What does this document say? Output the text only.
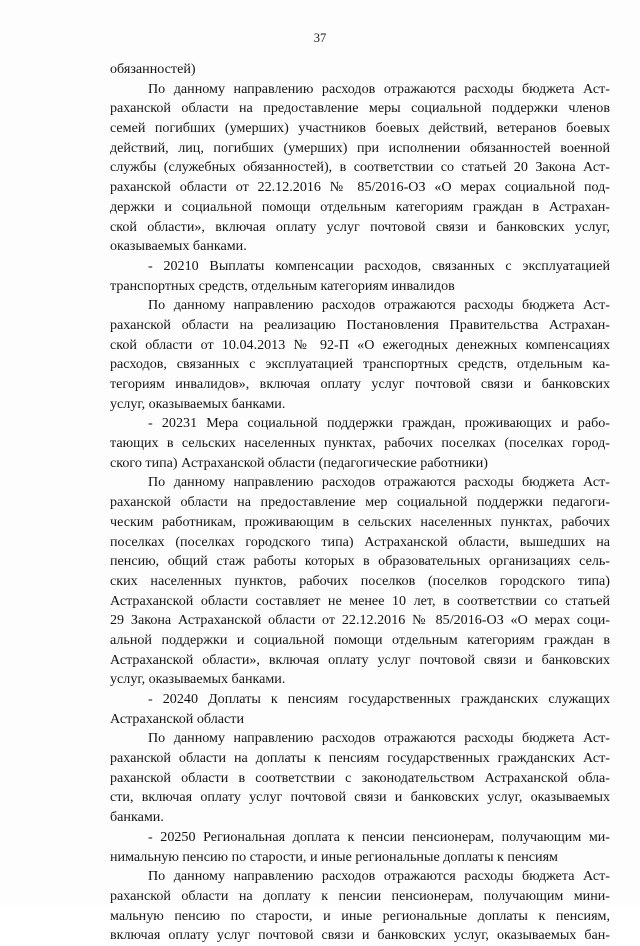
37
обязанностей)
По данному направлению расходов отражаются расходы бюджета Аст-
раханской области на предоставление меры социальной поддержки членов
семей погибших (умерших) участников боевых действий, ветеранов боевых
действий, лиц, погибших (умерших) при исполнении обязанностей военной
службы (служебных обязанностей), в соответствии со статьей 20 Закона Аст-
раханской области от 22.12.2016 № 85/2016-ОЗ «О мерах социальной под-
держки и социальной помощи отдельным категориям граждан в Астрахан-
ской области», включая оплату услуг почтовой связи и банковских услуг,
оказываемых банками.
- 20210 Выплаты компенсации расходов, связанных с эксплуатацией
транспортных средств, отдельным категориям инвалидов
По данному направлению расходов отражаются расходы бюджета Аст-
раханской области на реализацию Постановления Правительства Астрахан-
ской области от 10.04.2013 № 92-П «О ежегодных денежных компенсациях
расходов, связанных с эксплуатацией транспортных средств, отдельным ка-
тегориям инвалидов», включая оплату услуг почтовой связи и банковских
услуг, оказываемых банками.
- 20231 Мера социальной поддержки граждан, проживающих и рабо-
тающих в сельских населенных пунктах, рабочих поселках (поселках город-
ского типа) Астраханской области (педагогические работники)
По данному направлению расходов отражаются расходы бюджета Аст-
раханской области на предоставление мер социальной поддержки педагоги-
ческим работникам, проживающим в сельских населенных пунктах, рабочих
поселках (поселках городского типа) Астраханской области, вышедших на
пенсию, общий стаж работы которых в образовательных организациях сель-
ских населенных пунктов, рабочих поселков (поселков городского типа)
Астраханской области составляет не менее 10 лет, в соответствии со статьей
29 Закона Астраханской области от 22.12.2016 № 85/2016-ОЗ «О мерах соци-
альной поддержки и социальной помощи отдельным категориям граждан в
Астраханской области», включая оплату услуг почтовой связи и банковских
услуг, оказываемых банками.
- 20240 Доплаты к пенсиям государственных гражданских служащих
Астраханской области
По данному направлению расходов отражаются расходы бюджета Аст-
раханской области на доплаты к пенсиям государственных гражданских Аст-
раханской области в соответствии с законодательством Астраханской обла-
сти, включая оплату услуг почтовой связи и банковских услуг, оказываемых
банками.
- 20250 Региональная доплата к пенсии пенсионерам, получающим ми-
нимальную пенсию по старости, и иные региональные доплаты к пенсиям
По данному направлению расходов отражаются расходы бюджета Аст-
раханской области на доплату к пенсии пенсионерам, получающим мини-
мальную пенсию по старости, и иные региональные доплаты к пенсиям,
включая оплату услуг почтовой связи и банковских услуг, оказываемых бан-
